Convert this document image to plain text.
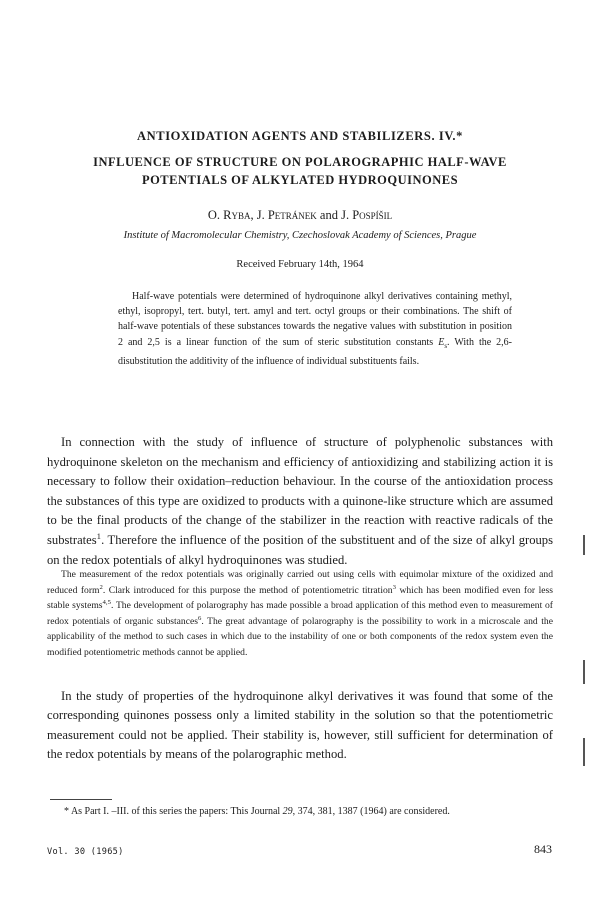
ANTIOXIDATION AGENTS AND STABILIZERS. IV.*
INFLUENCE OF STRUCTURE ON POLAROGRAPHIC HALF-WAVE
POTENTIALS OF ALKYLATED HYDROQUINONES
O. Ryba, J. Petránek and J. Pospíšil
Institute of Macromolecular Chemistry, Czechoslovak Academy of Sciences, Prague
Received February 14th, 1964

Half-wave potentials were determined of hydroquinone alkyl derivatives containing methyl, ethyl, isopropyl, tert. butyl, tert. amyl and tert. octyl groups or their combinations. The shift of half-wave potentials of these substances towards the negative values with substitution in position 2 and 2,5 is a linear function of the sum of steric substitution constants $E_s$. With the 2,6-disubstitution the additivity of the influence of individual substituents fails.

In connection with the study of influence of structure of polyphenolic substances with hydroquinone skeleton on the mechanism and efficiency of antioxidizing and stabilizing action it is necessary to follow their oxidation–reduction behaviour. In the course of the antioxidation process the substances of this type are oxidized to products with a quinone-like structure which are assumed to be the final products of the change of the stabilizer in the reaction with reactive radicals of the substrates$^1$. Therefore the influence of the position of the substituent and of the size of alkyl groups on the redox potentials of alkyl hydroquinones was studied.

The measurement of the redox potentials was originally carried out using cells with equimolar mixture of the oxidized and reduced form$^2$. Clark introduced for this purpose the method of potentiometric titration$^3$ which has been modified even for less stable systems$^{4,5}$. The development of polarography has made possible a broad application of this method even to measurement of redox potentials of organic substances$^6$. The great advantage of polarography is the possibility to work in a microscale and the applicability of the method to such cases in which due to the instability of one or both components of the redox system even the modified potentiometric methods cannot be applied.

In the study of properties of the hydroquinone alkyl derivatives it was found that some of the corresponding quinones possess only a limited stability in the solution so that the potentiometric measurement could not be applied. Their stability is, however, still sufficient for determination of the redox potentials by means of the polarographic method.

* As Part I. –III. of this series the papers: This Journal 29, 374, 381, 1387 (1964) are considered.

Vol. 30 (1965)	843
